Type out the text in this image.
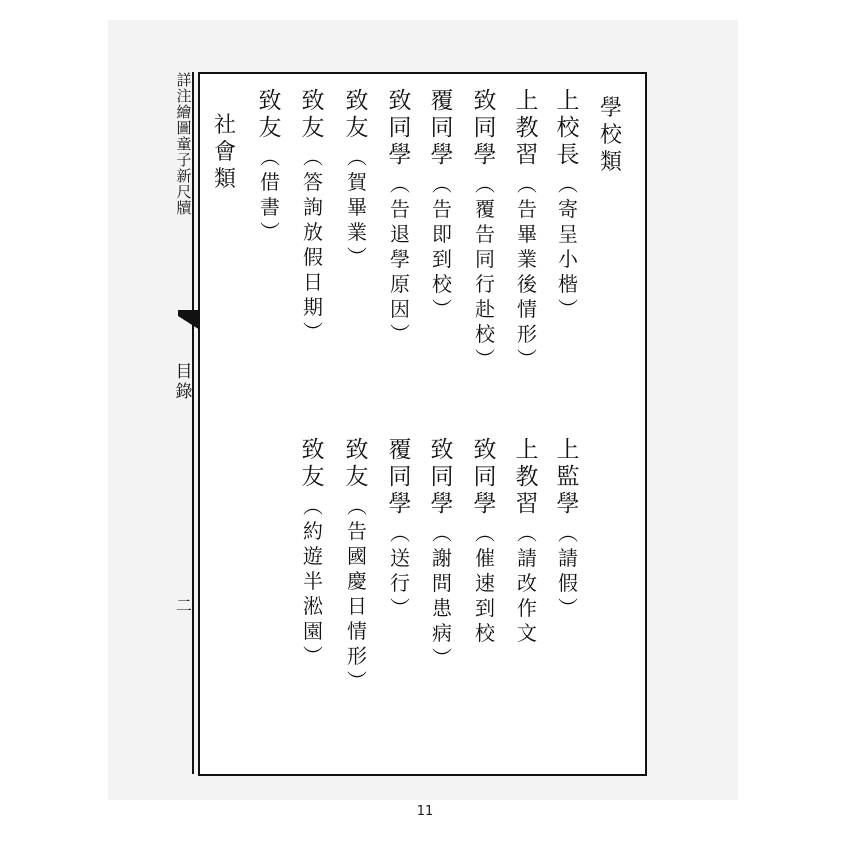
詳
注
繪
圖
童
子
新
尺
牘
目
錄
二
學
校
類
上
校
長
︵
寄
呈
小
楷
︶
上
教
習
︵
告
畢
業
後
情
形
︶
致
同
學
︵
覆
告
同
行
赴
校
︶
覆
同
學
︵
告
即
到
校
︶
致
同
學
︵
告
退
學
原
因
︶
致
友
︵
賀
畢
業
︶
致
友
︵
答
詢
放
假
日
期
︶
致
友
︵
借
書
︶
社
會
類
上
監
學
︵
請
假
︶
上
教
習
︵
請
改
作
文
致
同
學
︵
催
速
到
校
致
同
學
︵
謝
問
患
病
︶
覆
同
學
︵
送
行
︶
致
友
︵
告
國
慶
日
情
形
︶
致
友
︵
約
遊
半
淞
園
︶
11
